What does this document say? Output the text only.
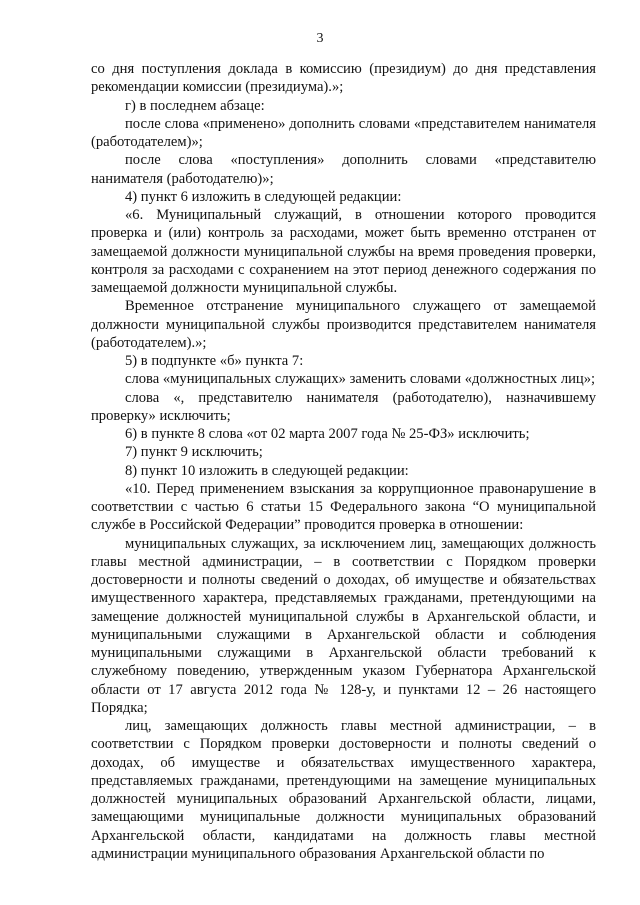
3

со дня поступления доклада в комиссию (президиум) до дня представления рекомендации комиссии (президиума).»;

г) в последнем абзаце:

после слова «применено» дополнить словами «представителем нанимателя (работодателем)»;

после слова «поступления» дополнить словами «представителю нанимателя (работодателю)»;

4) пункт 6 изложить в следующей редакции:

«6. Муниципальный служащий, в отношении которого проводится проверка и (или) контроль за расходами, может быть временно отстранен от замещаемой должности муниципальной службы на время проведения проверки, контроля за расходами с сохранением на этот период денежного содержания по замещаемой должности муниципальной службы.

Временное отстранение муниципального служащего от замещаемой должности муниципальной службы производится представителем нанимателя (работодателем).»;

5) в подпункте «б» пункта 7:

слова «муниципальных служащих» заменить словами «должностных лиц»;

слова «, представителю нанимателя (работодателю), назначившему проверку» исключить;

6) в пункте 8 слова «от 02 марта 2007 года № 25-ФЗ» исключить;

7) пункт 9 исключить;

8) пункт 10 изложить в следующей редакции:

«10. Перед применением взыскания за коррупционное правонарушение в соответствии с частью 6 статьи 15 Федерального закона “О муниципальной службе в Российской Федерации” проводится проверка в отношении:

муниципальных служащих, за исключением лиц, замещающих должность главы местной администрации, – в соответствии с Порядком проверки достоверности и полноты сведений о доходах, об имуществе и обязательствах имущественного характера, представляемых гражданами, претендующими на замещение должностей муниципальной службы в Архангельской области, и муниципальными служащими в Архангельской области и соблюдения муниципальными служащими в Архангельской области требований к служебному поведению, утвержденным указом Губернатора Архангельской области от 17 августа 2012 года № 128-у, и пунктами 12 – 26 настоящего Порядка;

лиц, замещающих должность главы местной администрации, – в соответствии с Порядком проверки достоверности и полноты сведений о доходах, об имуществе и обязательствах имущественного характера, представляемых гражданами, претендующими на замещение муниципальных должностей муниципальных образований Архангельской области, лицами, замещающими муниципальные должности муниципальных образований Архангельской области, кандидатами на должность главы местной администрации муниципального образования Архангельской области по
